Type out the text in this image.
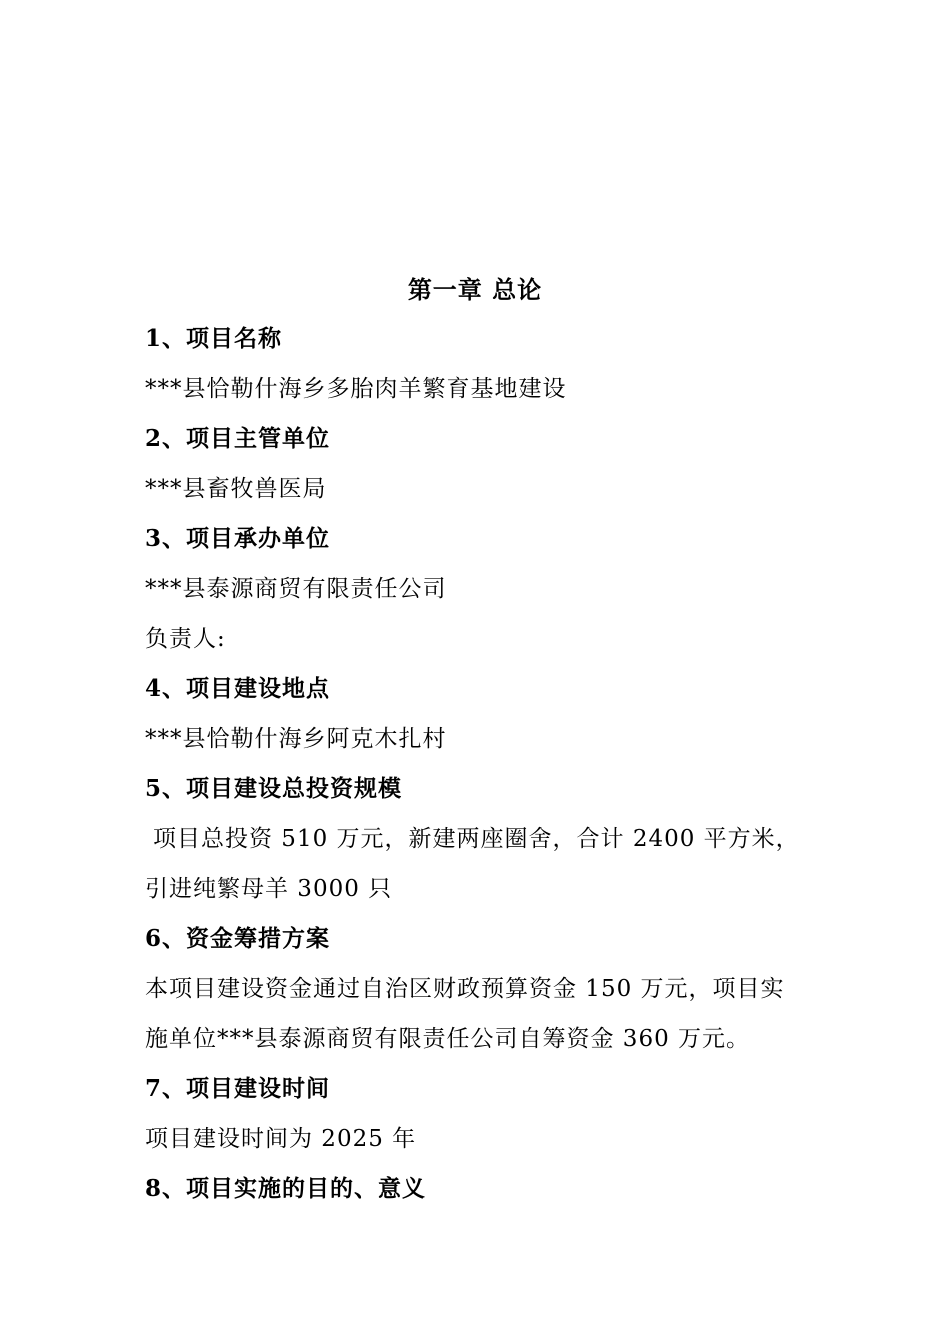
第一章 总论
1、项目名称
***县恰勒什海乡多胎肉羊繁育基地建设
2、项目主管单位
***县畜牧兽医局
3、项目承办单位
***县泰源商贸有限责任公司
负责人:
4、项目建设地点
***县恰勒什海乡阿克木扎村
5、项目建设总投资规模
项目总投资 510 万元，新建两座圈舍，合计 2400 平方米，
引进纯繁母羊 3000 只
6、资金筹措方案
本项目建设资金通过自治区财政预算资金 150 万元，项目实
施单位***县泰源商贸有限责任公司自筹资金 360 万元。
7、项目建设时间
项目建设时间为 2025 年
8、项目实施的目的、意义
